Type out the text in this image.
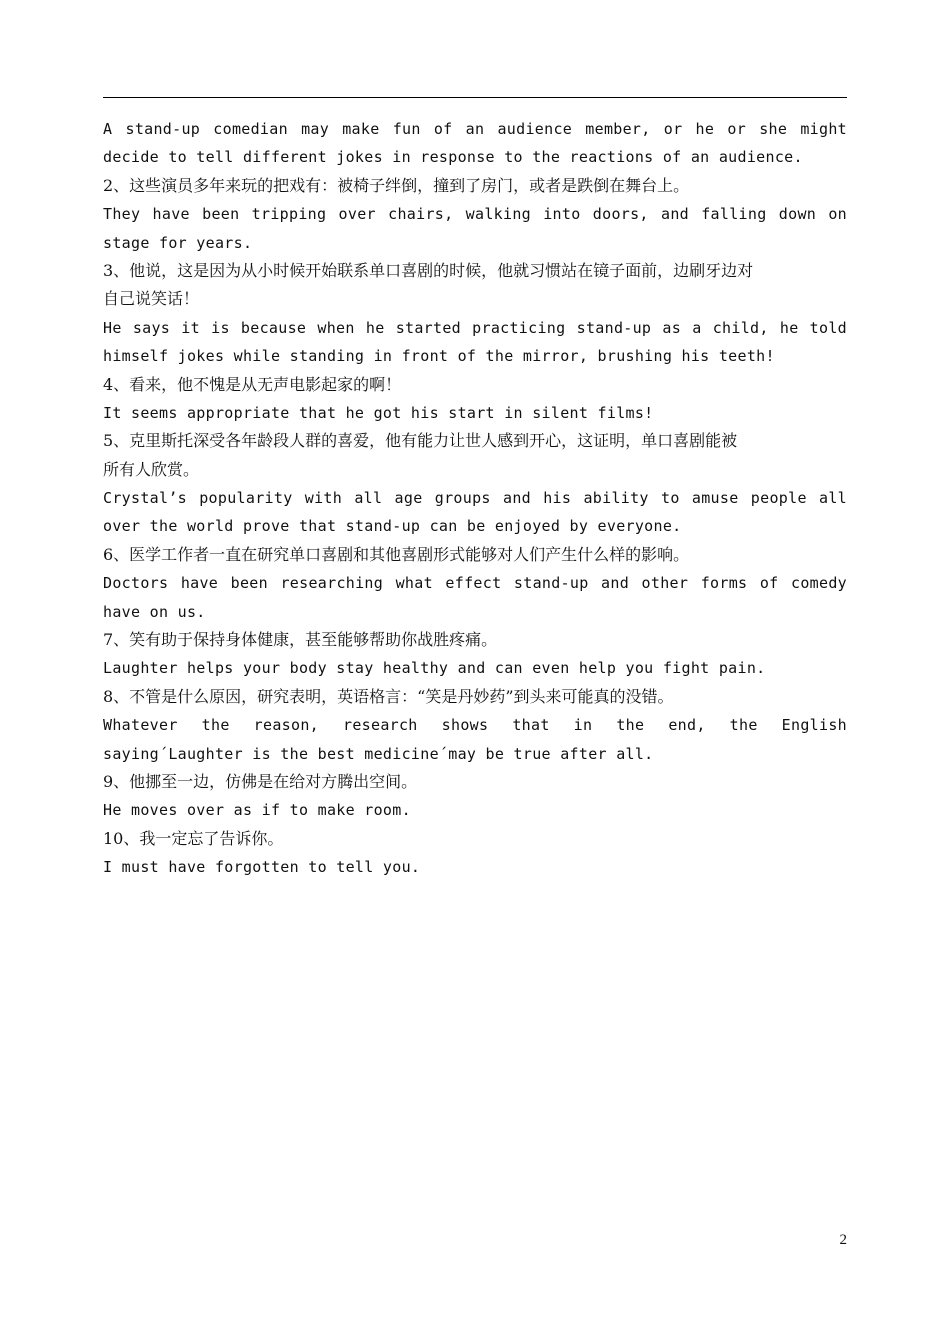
A stand-up comedian may make fun of an audience member, or he or she might
decide to tell different jokes in response to the reactions of an audience.
2、这些演员多年来玩的把戏有：被椅子绊倒，撞到了房门，或者是跌倒在舞台上。
They have been tripping over chairs, walking into doors, and falling down on
stage for years.
3、他说，这是因为从小时候开始联系单口喜剧的时候，他就习惯站在镜子面前，边刷牙边对
自己说笑话！
He says it is because when he started practicing stand-up as a child, he told
himself jokes while standing in front of the mirror, brushing his teeth!
4、看来，他不愧是从无声电影起家的啊！
It seems appropriate that he got his start in silent films!
5、克里斯托深受各年龄段人群的喜爱，他有能力让世人感到开心，这证明，单口喜剧能被
所有人欣赏。
Crystal’s popularity with all age groups and his ability to amuse people all
over the world prove that stand-up can be enjoyed by everyone.
6、医学工作者一直在研究单口喜剧和其他喜剧形式能够对人们产生什么样的影响。
Doctors have been researching what effect stand-up and other forms of comedy
have on us.
7、笑有助于保持身体健康，甚至能够帮助你战胜疼痛。
Laughter helps your body stay healthy and can even help you fight pain.
8、不管是什么原因，研究表明，英语格言：“笑是丹妙药”到头来可能真的没错。
Whatever the reason, research shows that in the end, the English
saying´Laughter is the best medicine´may be true after all.
9、他挪至一边，仿佛是在给对方腾出空间。
He moves over as if to make room.
10、我一定忘了告诉你。
I must have forgotten to tell you.
2
